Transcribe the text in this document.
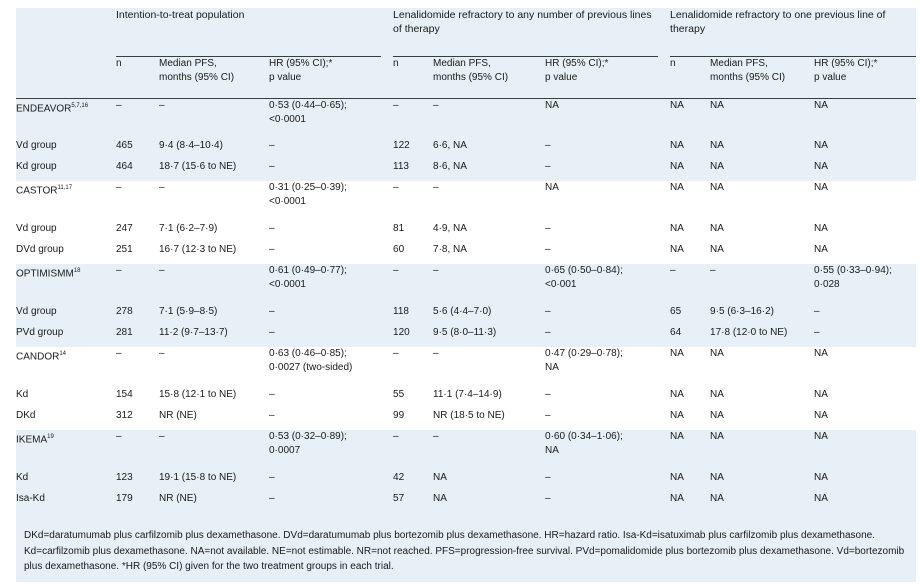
	Intention-to-treat population				Lenalidomide refractory to any number of previous lines of therapy				Lenalidomide refractory to one previous line of therapy		
	n	Median PFS,
months (95% CI)	HR (95% CI);*
p value		n	Median PFS,
months (95% CI)	HR (95% CI);*
p value		n	Median PFS,
months (95% CI)	HR (95% CI);*
p value

ENDEAVOR$^{5,7,16}$	–	–	0·53 (0·44–0·65);
<0·0001		–	–	NA		NA	NA	NA

Vd group	465	9·4 (8·4–10·4)	–		122	6·6, NA	–		NA	NA	NA
Kd group	464	18·7 (15·6 to NE)	–		113	8·6, NA	–		NA	NA	NA
CASTOR$^{11,17}$	–	–	0·31 (0·25–0·39);
<0·0001		–	–	NA		NA	NA	NA

Vd group	247	7·1 (6·2–7·9)	–		81	4·9, NA	–		NA	NA	NA
DVd group	251	16·7 (12·3 to NE)	–		60	7·8, NA	–		NA	NA	NA
OPTIMISMM$^{18}$	–	–	0·61 (0·49–0·77);
<0·0001		–	–	0·65 (0·50–0·84);
<0·001		–	–	0·55 (0·33–0·94);
0·028

Vd group	278	7·1 (5·9–8·5)	–		118	5·6 (4·4–7·0)	–		65	9·5 (6·3–16·2)	–
PVd group	281	11·2 (9·7–13·7)	–		120	9·5 (8·0–11·3)	–		64	17·8 (12·0 to NE)	–
CANDOR$^{14}$	–	–	0·63 (0·46–0·85);
0·0027 (two-sided)		–	–	0·47 (0·29–0·78);
NA		NA	NA	NA

Kd	154	15·8 (12·1 to NE)	–		55	11·1 (7·4–14·9)	–		NA	NA	NA
DKd	312	NR (NE)	–		99	NR (18·5 to NE)	–		NA	NA	NA
IKEMA$^{19}$	–	–	0·53 (0·32–0·89);
0·0007		–	–	0·60 (0·34–1·06);
NA		NA	NA	NA

Kd	123	19·1 (15·8 to NE)	–		42	NA	–		NA	NA	NA
Isa-Kd	179	NR (NE)	–		57	NA	–		NA	NA	NA
DKd=daratumumab plus carfilzomib plus dexamethasone. DVd=daratumumab plus bortezomib plus dexamethasone. HR=hazard ratio. Isa-Kd=isatuximab plus carfilzomib plus dexamethasone. Kd=carfilzomib plus dexamethasone. NA=not available. NE=not estimable. NR=not reached. PFS=progression-free survival. PVd=pomalidomide plus bortezomib plus dexamethasone. Vd=bortezomib plus dexamethasone. *HR (95% CI) given for the two treatment groups in each trial.
